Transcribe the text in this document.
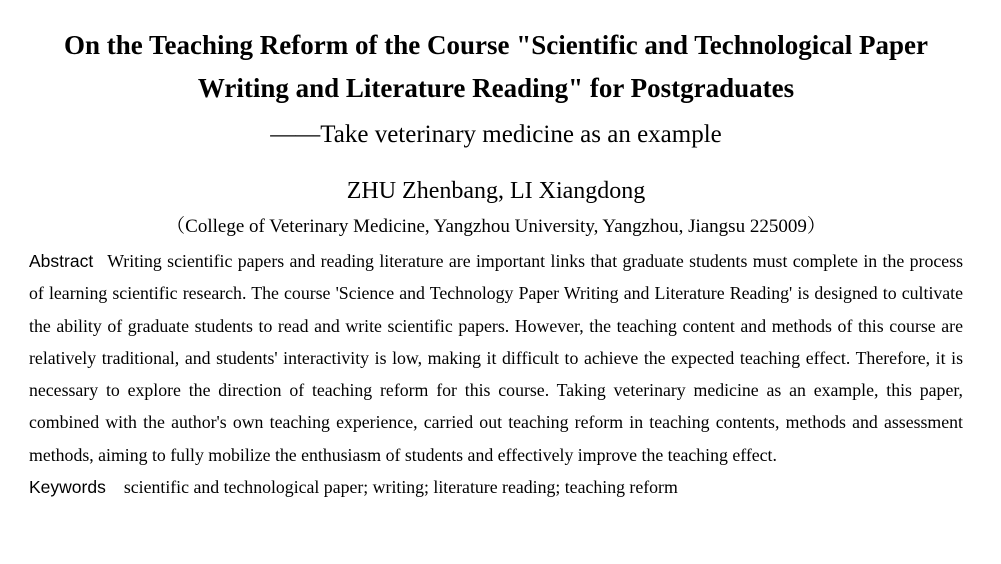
On the Teaching Reform of the Course "Scientific and Technological Paper
Writing and Literature Reading" for Postgraduates
——Take veterinary medicine as an example
ZHU Zhenbang, LI Xiangdong
（College of Veterinary Medicine, Yangzhou University, Yangzhou, Jiangsu 225009）
Abstract Writing scientific papers and reading literature are important links that graduate students must complete in the process of learning scientific research. The course 'Science and Technology Paper Writing and Literature Reading' is designed to cultivate the ability of graduate students to read and write scientific papers. However, the teaching content and methods of this course are relatively traditional, and students' interactivity is low, making it difficult to achieve the expected teaching effect. Therefore, it is necessary to explore the direction of teaching reform for this course. Taking veterinary medicine as an example, this paper, combined with the author's own teaching experience, carried out teaching reform in teaching contents, methods and assessment methods, aiming to fully mobilize the enthusiasm of students and effectively improve the teaching effect.
Keywords scientific and technological paper; writing; literature reading; teaching reform
